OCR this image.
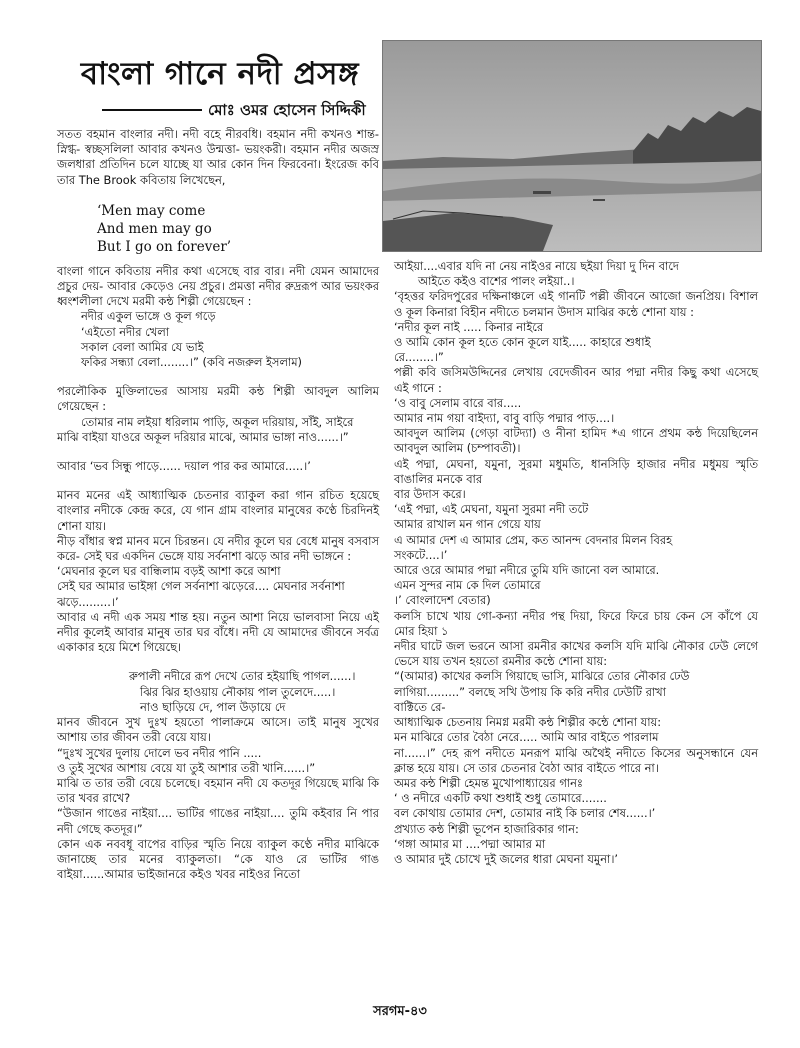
বাংলা গানে নদী প্রসঙ্গ
মোঃ ওমর হোসেন সিদ্দিকী

সতত বহমান বাংলার নদী। নদী বহে নীরবধি। বহমান নদী কখনও শান্ত-স্নিগ্ধ- স্বচ্ছসলিলা আবার কখনও উন্মত্তা- ভয়ংকরী। বহমান নদীর অজস্র জলধারা প্রতিদিন চলে যাচ্ছে যা আর কোন দিন ফিরবেনা। ইংরেজ কবি তার The Brook কবিতায় লিখেছেন,

‘Men may come

And men may go

But I go on forever’

বাংলা গানে কবিতায় নদীর কথা এসেছে বার বার। নদী যেমন আমাদের প্রচুর দেয়- আবার কেড়েও নেয় প্রচুর। প্রমত্তা নদীর রুদ্ররূপ আর ভয়ংকর ধ্বংশলীলা দেখে মরমী কন্ঠ শিল্পী গেয়েছেন :

নদীর একুল ভাঙ্গে ও কূল গড়ে

‘এইতো নদীর খেলা

সকাল বেলা আমির যে ভাই

ফকির সন্ধ্যা বেলা........।” (কবি নজরুল ইসলাম)

পরলৌকিক মুক্তিলাভের আসায় মরমী কন্ঠ শিল্পী আবদুল আলিম গেয়েছেন :

তোমার নাম লইয়া ধরিলাম পাড়ি, অকূল দরিয়ায়, সাঁই, সাইরে

মাঝি বাইয়া যাওরে অকূল দরিয়ার মাঝে, আমার ভাঙ্গা নাও......।”

আবার ‘ভব সিন্ধু পাড়ে...... দয়াল পার কর আমারে.....।’

মানব মনের এই আধ্যাত্মিক চেতনার ব্যাকুল করা গান রচিত হয়েছে বাংলার নদীকে কেন্দ্র করে, যে গান গ্রাম বাংলার মানুষের কণ্ঠে চিরদিনই শোনা যায়।

নীড় বাঁধার স্বপ্ন মানব মনে চিরন্তন। যে নদীর কূলে ঘর বেধে মানুষ বসবাস করে- সেই ঘর একদিন ভেঙ্গে যায় সর্বনাশা ঝড়ে আর নদী ভাঙ্গনে :

‘মেঘনার কূলে ঘর বান্ধিলাম বড়ই আশা করে আশা

সেই ঘর আমার ভাইঙ্গা গেল সর্বনাশা ঝড়েরে.... মেঘনার সর্বনাশা

ঝড়ে.........।’

আবার এ নদী এক সময় শান্ত হয়। নতুন আশা নিয়ে ভালবাসা নিয়ে এই নদীর কূলেই আবার মানুষ তার ঘর বাঁধে। নদী যে আমাদের জীবনে সর্বত্র একাকার হয়ে মিশে গিয়েছে।

রুপালী নদীরে রূপ দেখে তোর হইয়াছি পাগল......।

ঝির ঝির হাওয়ায় নৌকায় পাল তুলেদে.....।

নাও ছাড়িয়ে দে, পাল উড়ায়ে দে

মানব জীবনে সুখ দুঃখ হয়তো পালাক্রমে আসে। তাই মানুষ সুখের আশায় তার জীবন তরী বেয়ে যায়।

“দুঃখ সুখের দুলায় দোলে ভব নদীর পানি .....

ও তুই সুখের আশায় বেয়ে যা তুই আশার তরী খানি......।”

মাঝি ত তার তরী বেয়ে চলেছে। বহমান নদী যে কতদূর গিয়েছে মাঝি কি তার খবর রাখে?

“উজান গাঙের নাইয়া.... ভাটির গাঙের নাইয়া.... তুমি কইবার নি পার নদী গেছে কতদূর।”

কোন এক নববধূ বাপের বাড়ির স্মৃতি নিয়ে ব্যাকুল কণ্ঠে নদীর মাঝিকে জানাচ্ছে তার মনের ব্যাকুলতা। “কে যাও রে ভাটির গাঙ বাইয়া......আমার ভাইজানরে কইও খবর নাইওর নিতো

আইয়া....এবার যদি না নেয় নাইওর নায়ে ছইয়া দিয়া দু দিন বাদে

আইতে কইও বাশের পালং লইয়া..।

‘বৃহত্তর ফরিদপুরের দক্ষিনাঞ্চলে এই গানটি পল্লী জীবনে আজো জনপ্রিয়। বিশাল ও কূল কিনারা বিহীন নদীতে চলমান উদাস মাঝির কন্ঠে শোনা যায় :

‘নদীর কূল নাই ..... কিনার নাইরে

ও আমি কোন কূল হতে কোন কূলে যাই..... কাহারে শুধাই

রে........।”

পল্লী কবি জসিমউদ্দিনের লেখায় বেদেজীবন আর পদ্মা নদীর কিছু কথা এসেছে এই গানে :

‘ও বাবু সেলাম বারে বার.....

আমার নাম গয়া বাইদ্যা, বাবু বাড়ি পদ্মার পাড়....।

আবদুল আলিম (গেড়া বাটদ্যা) ও নীনা হামিদ *এ গানে প্রথম কন্ঠ দিয়েছিলেন আবদুল আলিম (চম্পাবতী)।

এই পদ্মা, মেঘনা, যমুনা, সুরমা মধুমতি, ধানসিড়ি হাজার নদীর মধুময় স্মৃতি বাঙালির মনকে বার

বার উদাস করে।

‘এই পদ্মা, এই মেঘনা, যমুনা সুরমা নদী তটে

আমার রাখাল মন গান গেয়ে যায়

এ আমার দেশ এ আমার প্রেম, কত আনন্দ বেদনার মিলন বিরহ

সংকটে....।’

আরে ওরে আমার পদ্মা নদীরে তুমি যদি জানো বল আমারে.

এমন সুন্দর নাম কে দিল তোমারে

।’ বোংলাদেশ বেতার)

কলসি চাখে খায় গো-কন্যা নদীর পন্থ দিয়া, ফিরে ফিরে চায় কেন সে কাঁপে যে মোর হিয়া ১

নদীর ঘাটে জল ভরনে আসা রমনীর কাখের কলসি যদি মাঝি নৌকার ঢেউ লেগে ভেসে যায় তখন হয়তো রমনীর কন্ঠে শোনা যায়:

“(আমার) কাখের কলসি গিয়াছে ভাসি, মাঝিরে তোর নৌকার ঢেউ

লাগিয়া.........” বলছে সখি উপায় কি করি নদীর ঢেউটি রাখা

বাক্টিতে রে-

আধ্যাত্মিক চেতনায় নিমগ্ন মরমী কন্ঠ শিল্পীর কন্ঠে শোনা যায়:

মন মাঝিরে তোর বৈঠা নেরে..... আমি আর বাইতে পারলাম

না......।” দেহ রূপ নদীতে মনরূপ মাঝি অথৈই নদীতে কিসের অনুসন্ধানে যেন ক্লান্ত হয়ে যায়। সে তার চেতনার বৈঠা আর বাইতে পারে না।

অমর কন্ঠ শিল্পী হেমন্ত মুখোপাধ্যায়ের গানঃ

‘ ও নদীরে একটি কথা শুধাই শুধু তোমারে.......

বল কোথায় তোমার দেশ, তোমার নাই কি চলার শেষ......।’

প্রখ্যাত কন্ঠ শিল্পী ভূপেন হাজারিকার গান:

‘গঙ্গা আমার মা ....পদ্মা আমার মা

ও আমার দুই চোখে দুই জলের ধারা মেঘনা যমুনা।’

সরগম-৪৩
